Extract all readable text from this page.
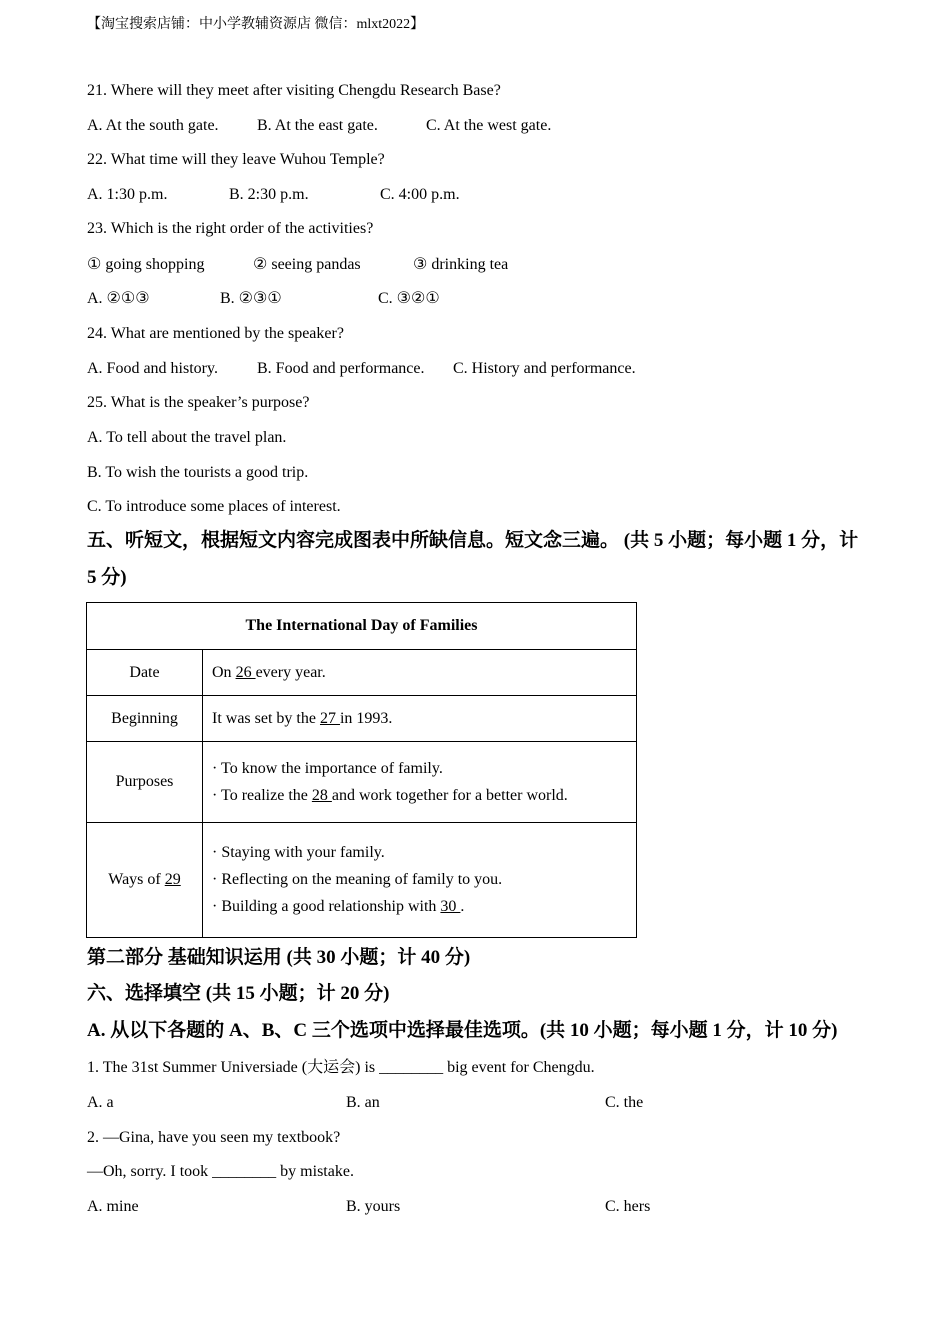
【淘宝搜索店铺：中小学教辅资源店 微信：mlxt2022】
21. Where will they meet after visiting Chengdu Research Base?
A. At the south gate. B. At the east gate.	C. At the west gate.
22. What time will they leave Wuhou Temple?
A. 1:30 p.m.	B. 2:30 p.m.	C. 4:00 p.m.
23. Which is the right order of the activities?
① going shopping	② seeing pandas	③ drinking tea
A. ②①③	B. ②③①	C. ③②①
24. What are mentioned by the speaker?
A. Food and history. B. Food and performance. C. History and performance.
25. What is the speaker’s purpose?
A. To tell about the travel plan.
B. To wish the tourists a good trip.
C. To introduce some places of interest.
五、听短文，根据短文内容完成图表中所缺信息。短文念三遍。 (共 5 小题；每小题 1 分，计
5 分)
The International Day of Families	
Date	On 26 every year.
Beginning	It was set by the 27 in 1993.
Purposes	· To know the importance of family.
· To realize the 28 and work together for a better world.

Ways of 29	· Staying with your family.
· Reflecting on the meaning of family to you.
· Building a good relationship with 30 .
第二部分 基础知识运用 (共 30 小题；计 40 分)
六、选择填空 (共 15 小题；计 20 分)
A. 从以下各题的 A、B、C 三个选项中选择最佳选项。(共 10 小题；每小题 1 分，计 10 分)
1. The 31st Summer Universiade (大运会) is ________ big event for Chengdu.
A. a	B. an	C. the
2. —Gina, have you seen my textbook?
—Oh, sorry. I took ________ by mistake.
A. mine	B. yours	C. hers
